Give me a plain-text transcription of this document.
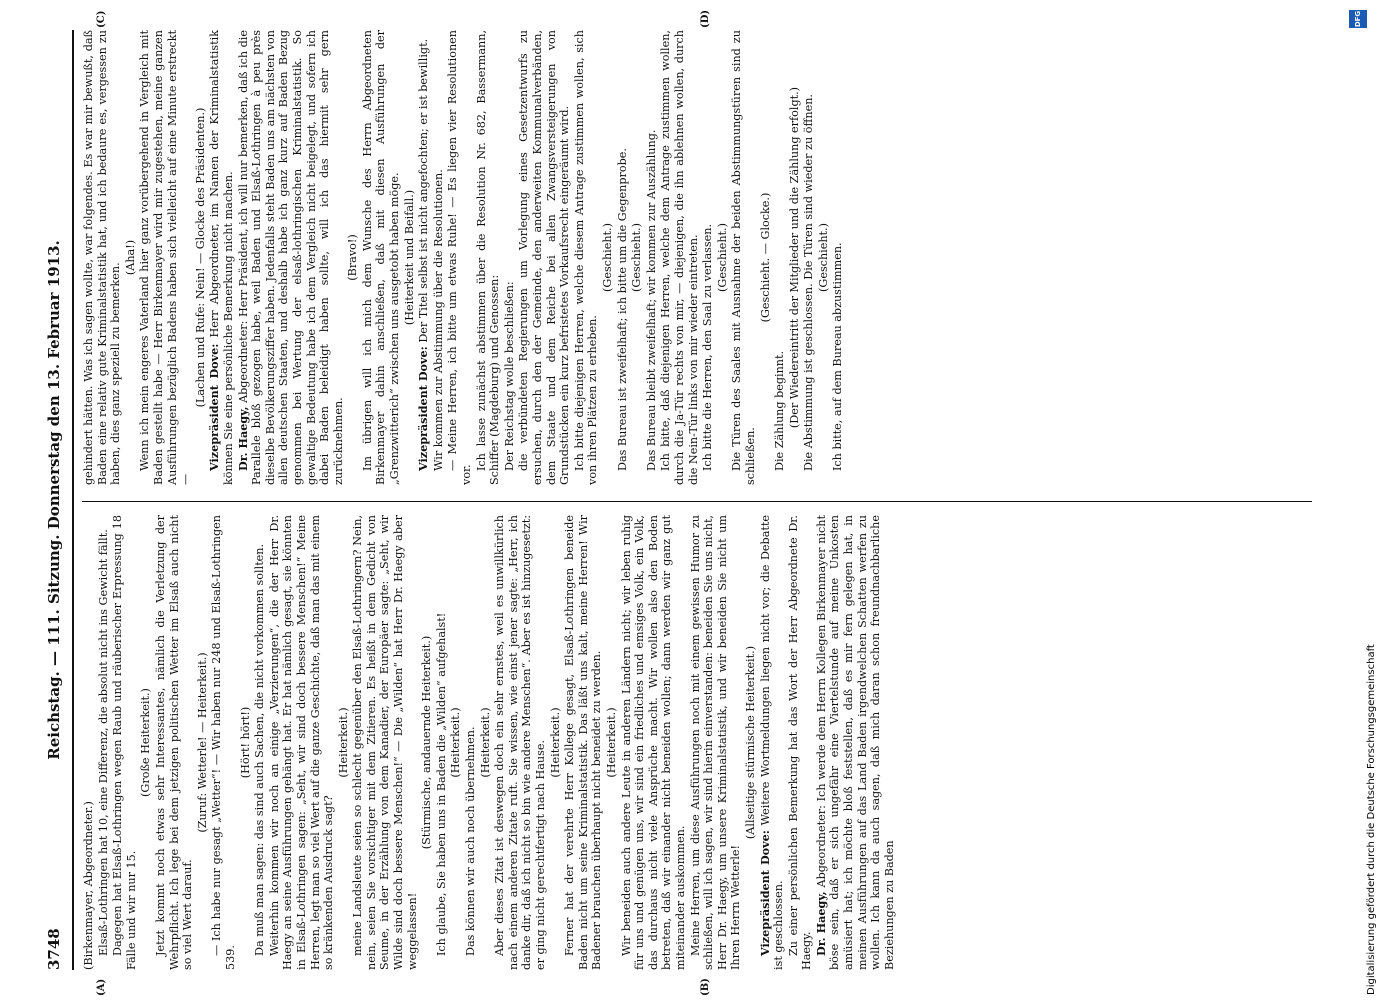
3748
Reichstag. — 111. Sitzung. Donnerstag den 13. Februar 1913.
(A)	(B)
(C)	(D)

(Birkenmayer, Abgeordneter.) Elsaß-Lothringen hat 10, eine Differenz, die absolut nicht ins Gewicht fällt. Dagegen hat Elsaß-Lothringen wegen Raub und räuberischer Erpressung 18 Fälle und wir nur 15.

(Große Heiterkeit.) Jetzt kommt noch etwas sehr Interessantes, nämlich die Verletzung der Wehrpflicht. Ich lege bei dem jetzigen politischen Wetter im Elsaß auch nicht so viel Wert darauf.

(Zuruf: Wetterle! — Heiterkeit.) — Ich habe nur gesagt „Wetter“! — Wir haben nur 248 und Elsaß-Lothringen 539.

(Hört! hört!) Da muß man sagen: das sind auch Sachen, die nicht vorkommen sollten. Weiterhin kommen wir noch an einige „Verzierungen“, die der Herr Dr. Haegy an seine Ausführungen gehängt hat. Er hat nämlich gesagt, sie könnten in Elsaß-Lothringen sagen: „Seht, wir sind doch bessere Menschen!“ Meine Herren, legt man so viel Wert auf die ganze Geschichte, daß man das mit einem so kränkenden Ausdruck sagt?

(Heiterkeit.) meine Landsleute seien so schlecht gegenüber den Elsaß-Lothringern? Nein, nein, seien Sie vorsichtiger mit dem Zitieren. Es heißt in dem Gedicht von Seume, in der Erzählung von dem Kanadier, der Europäer sagte: „Seht, wir Wilde sind doch bessere Menschen!“ — Die „Wilden“ hat Herr Dr. Haegy aber weggelassen!

(Stürmische, andauernde Heiterkeit.) Ich glaube, Sie haben uns in Baden die „Wilden“ aufgehalst! (Heiterkeit.) Das können wir auch noch übernehmen. (Heiterkeit.) Aber dieses Zitat ist deswegen doch ein sehr ernstes, weil es unwillkürlich nach einem anderen Zitate ruft. Sie wissen, wie einst jener sagte: „Herr, ich danke dir, daß ich nicht so bin wie andere Menschen“. Aber es ist hinzugesetzt: er ging nicht gerechtfertigt nach Hause. (Heiterkeit.) Ferner hat der verehrte Herr Kollege gesagt, Elsaß-Lothringen beneide Baden nicht um seine Kriminalstatistik. Das läßt uns kalt, meine Herren! Wir Badener brauchen überhaupt nicht beneidet zu werden. (Heiterkeit.) Wir beneiden auch andere Leute in anderen Ländern nicht; wir leben ruhig für uns und genügen uns, wir sind ein friedliches und emsiges Volk, ein Volk, das durchaus nicht viele Ansprüche macht. Wir wollen also den Boden betreten, daß wir einander nicht beneiden wollen; dann werden wir ganz gut miteinander auskommen. Meine Herren, um diese Ausführungen noch mit einem gewissen Humor zu schließen, will ich sagen, wir sind hierin einverstanden: beneiden Sie uns nicht, Herr Dr. Haegy, um unsere Kriminalstatistik, und wir beneiden Sie nicht um Ihren Herrn Wetterle!

(Allseitige stürmische Heiterkeit.)

Vizepräsident Dove: Weitere Wortmeldungen liegen nicht vor; die Debatte ist geschlossen. Zu einer persönlichen Bemerkung hat das Wort der Herr Abgeordnete Dr. Haegy. Dr. Haegy, Abgeordneter: Ich werde dem Herrn Kollegen Birkenmayer nicht böse sein, daß er sich ungefähr eine Viertelstunde auf meine Unkosten amüsiert hat; ich möchte bloß feststellen, daß es mir fern gelegen hat, in meinen Ausführungen auf das Land Baden irgendwelchen Schatten werfen zu wollen. Ich kann da auch sagen, daß mich daran schon freundnachbarliche Beziehungen zu Baden

gehindert hätten. Was ich sagen wollte, war folgendes. Es war mir bewußt, daß Baden eine relativ gute Kriminalstatistik hat, und ich bedaure es, vergessen zu haben, dies ganz speziell zu bemerken.

(Aha!) Wenn ich mein engeres Vaterland hier ganz vorübergehend in Vergleich mit Baden gestellt habe — Herr Birkenmayer wird mir zugestehen, meine ganzen Ausführungen bezüglich Badens haben sich vielleicht auf eine Minute erstreckt —

(Lachen und Rufe: Nein! — Glocke des Präsidenten.) Vizepräsident Dove: Herr Abgeordneter, im Namen der Kriminalstatistik können Sie eine persönliche Bemerkung nicht machen. Dr. Haegy, Abgeordneter: Herr Präsident, ich will nur bemerken, daß ich die Parallele bloß gezogen habe, weil Baden und Elsaß-Lothringen à peu près dieselbe Bevölkerungsziffer haben. Jedenfalls steht Baden uns am nächsten von allen deutschen Staaten, und deshalb habe ich ganz kurz auf Baden Bezug genommen bei Wertung der elsaß-lothringischen Kriminalstatistik. So gewaltige Bedeutung habe ich dem Vergleich nicht beigelegt, und sofern ich dabei Baden beleidigt haben sollte, will ich das hiermit sehr gern zurücknehmen.

(Bravo!) Im übrigen will ich mich dem Wunsche des Herrn Abgeordneten Birkenmayer dahin anschließen, daß mit diesen Ausführungen der „Grenzwitterich“ zwischen uns ausgetobt haben möge. (Heiterkeit und Beifall.)

Vizepräsident Dove: Der Titel selbst ist nicht angefochten; er ist bewilligt. Wir kommen zur Abstimmung über die Resolutionen. — Meine Herren, ich bitte um etwas Ruhe! — Es liegen vier Resolutionen vor.

Ich lasse zunächst abstimmen über die Resolution Nr. 682, Bassermann, Schiffer (Magdeburg) und Genossen: Der Reichstag wolle beschließen: die verbündeten Regierungen um Vorlegung eines Gesetzentwurfs zu ersuchen, durch den der Gemeinde, den anderweiten Kommunalverbänden, dem Staate und dem Reiche bei allen Zwangsversteigerungen von Grundstücken ein kurz befristetes Vorkaufsrecht eingeräumt wird. Ich bitte diejenigen Herren, welche diesem Antrage zustimmen wollen, sich von ihren Plätzen zu erheben.

(Geschieht.) Das Bureau ist zweifelhaft; ich bitte um die Gegenprobe. (Geschieht.) Das Bureau bleibt zweifelhaft; wir kommen zur Auszählung. Ich bitte, daß diejenigen Herren, welche dem Antrage zustimmen wollen, durch die Ja-Tür rechts von mir, — diejenigen, die ihn ablehnen wollen, durch die Nein-Tür links von mir wieder eintreten. Ich bitte die Herren, den Saal zu verlassen. (Geschieht.) Die Türen des Saales mit Ausnahme der beiden Abstimmungstüren sind zu schließen.

(Geschieht. — Glocke.)

Die Zählung beginnt. (Der Wiedereintritt der Mitglieder und die Zählung erfolgt.) Die Abstimmung ist geschlossen. Die Türen sind wieder zu öffnen. (Geschieht.) Ich bitte, auf dem Bureau abzustimmen.

DFG
Digitalisierung gefördert durch die Deutsche Forschungsgemeinschaft
